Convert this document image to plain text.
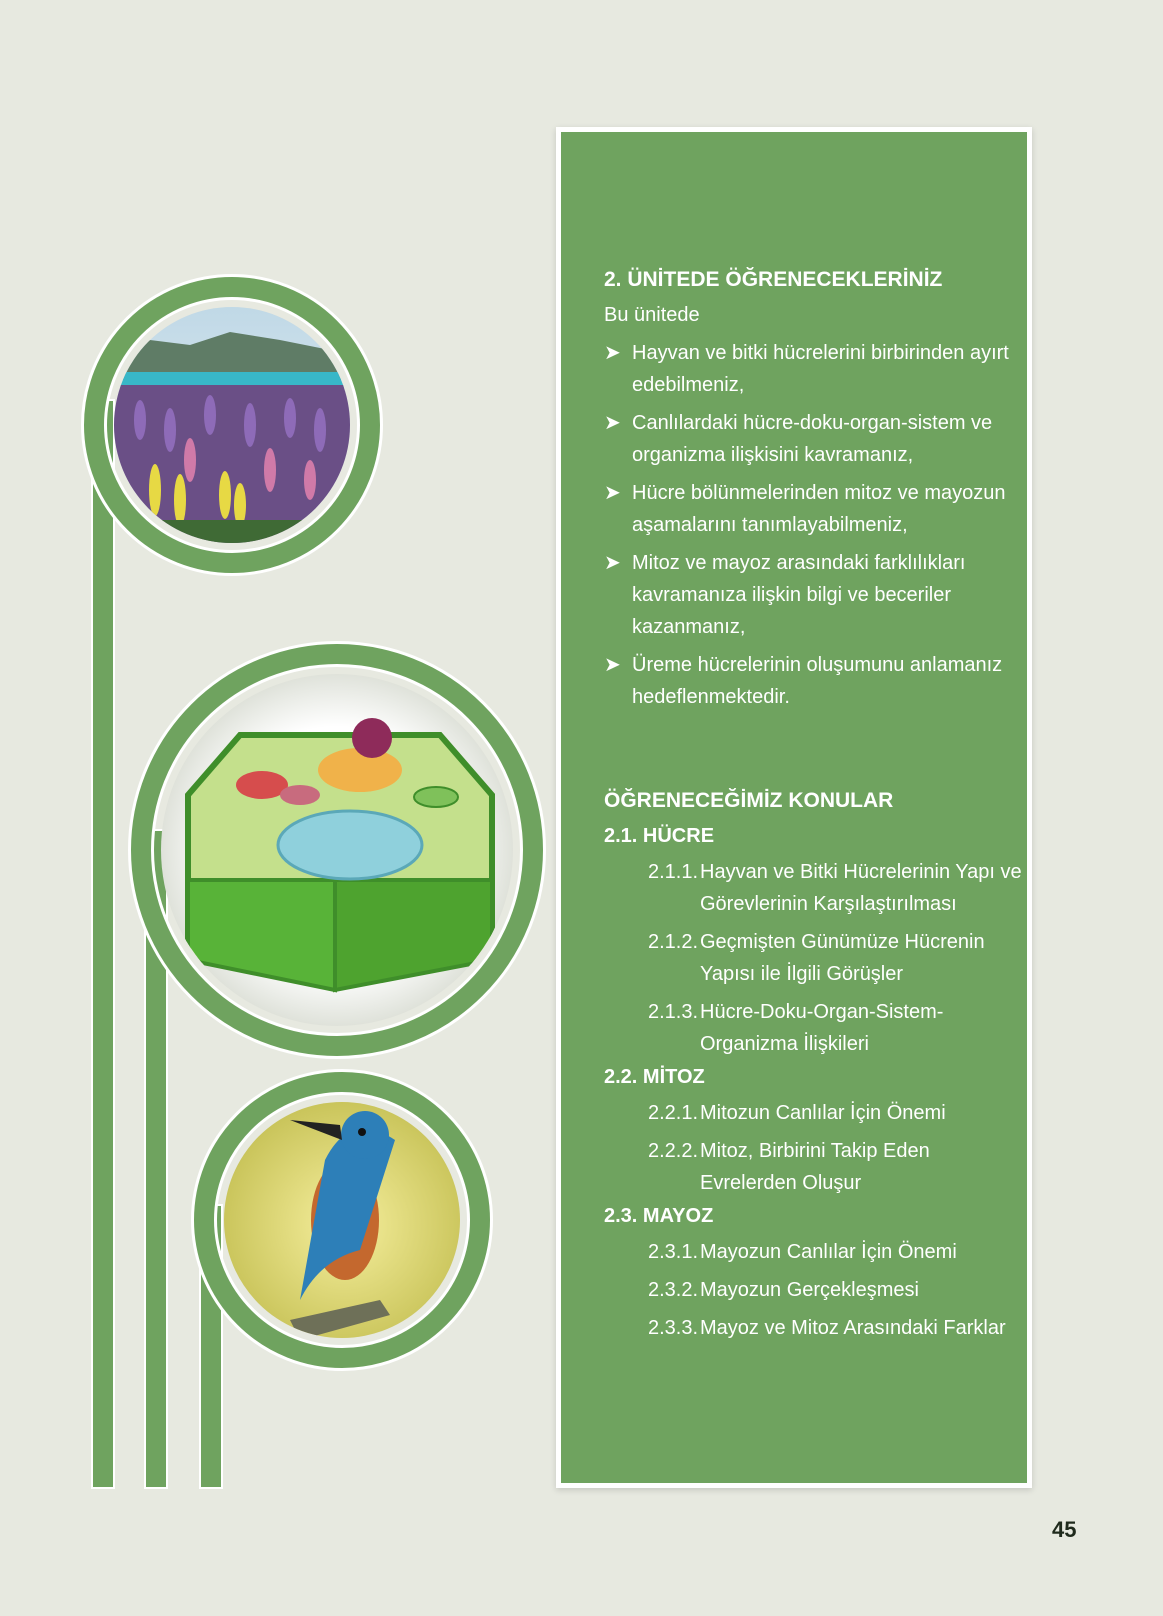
2. ÜNİTEDE ÖĞRENECEKLERİNİZ
Bu ünitede
➤ Hayvan ve bitki hücrelerini birbirinden ayırt edebilmeniz,
➤ Canlılardaki hücre-doku-organ-sistem ve organizma ilişkisini kavramanız,
➤ Hücre bölünmelerinden mitoz ve mayozun aşamalarını tanımlayabilmeniz,
➤ Mitoz ve mayoz arasındaki farklılıkları kavramanıza ilişkin bilgi ve beceriler kazanmanız,
➤ Üreme hücrelerinin oluşumunu anlamanız hedeflenmektedir.
ÖĞRENECEĞİMİZ KONULAR
2.1. HÜCRE
2.1.1. Hayvan ve Bitki Hücrelerinin Yapı ve Görevlerinin Karşılaştırılması
2.1.2. Geçmişten Günümüze Hücrenin Yapısı ile İlgili Görüşler
2.1.3. Hücre-Doku-Organ-Sistem-Organizma İlişkileri
2.2. MİTOZ
2.2.1. Mitozun Canlılar İçin Önemi
2.2.2. Mitoz, Birbirini Takip Eden Evrelerden Oluşur
2.3. MAYOZ
2.3.1. Mayozun Canlılar İçin Önemi
2.3.2. Mayozun Gerçekleşmesi
2.3.3. Mayoz ve Mitoz Arasındaki Farklar
45
